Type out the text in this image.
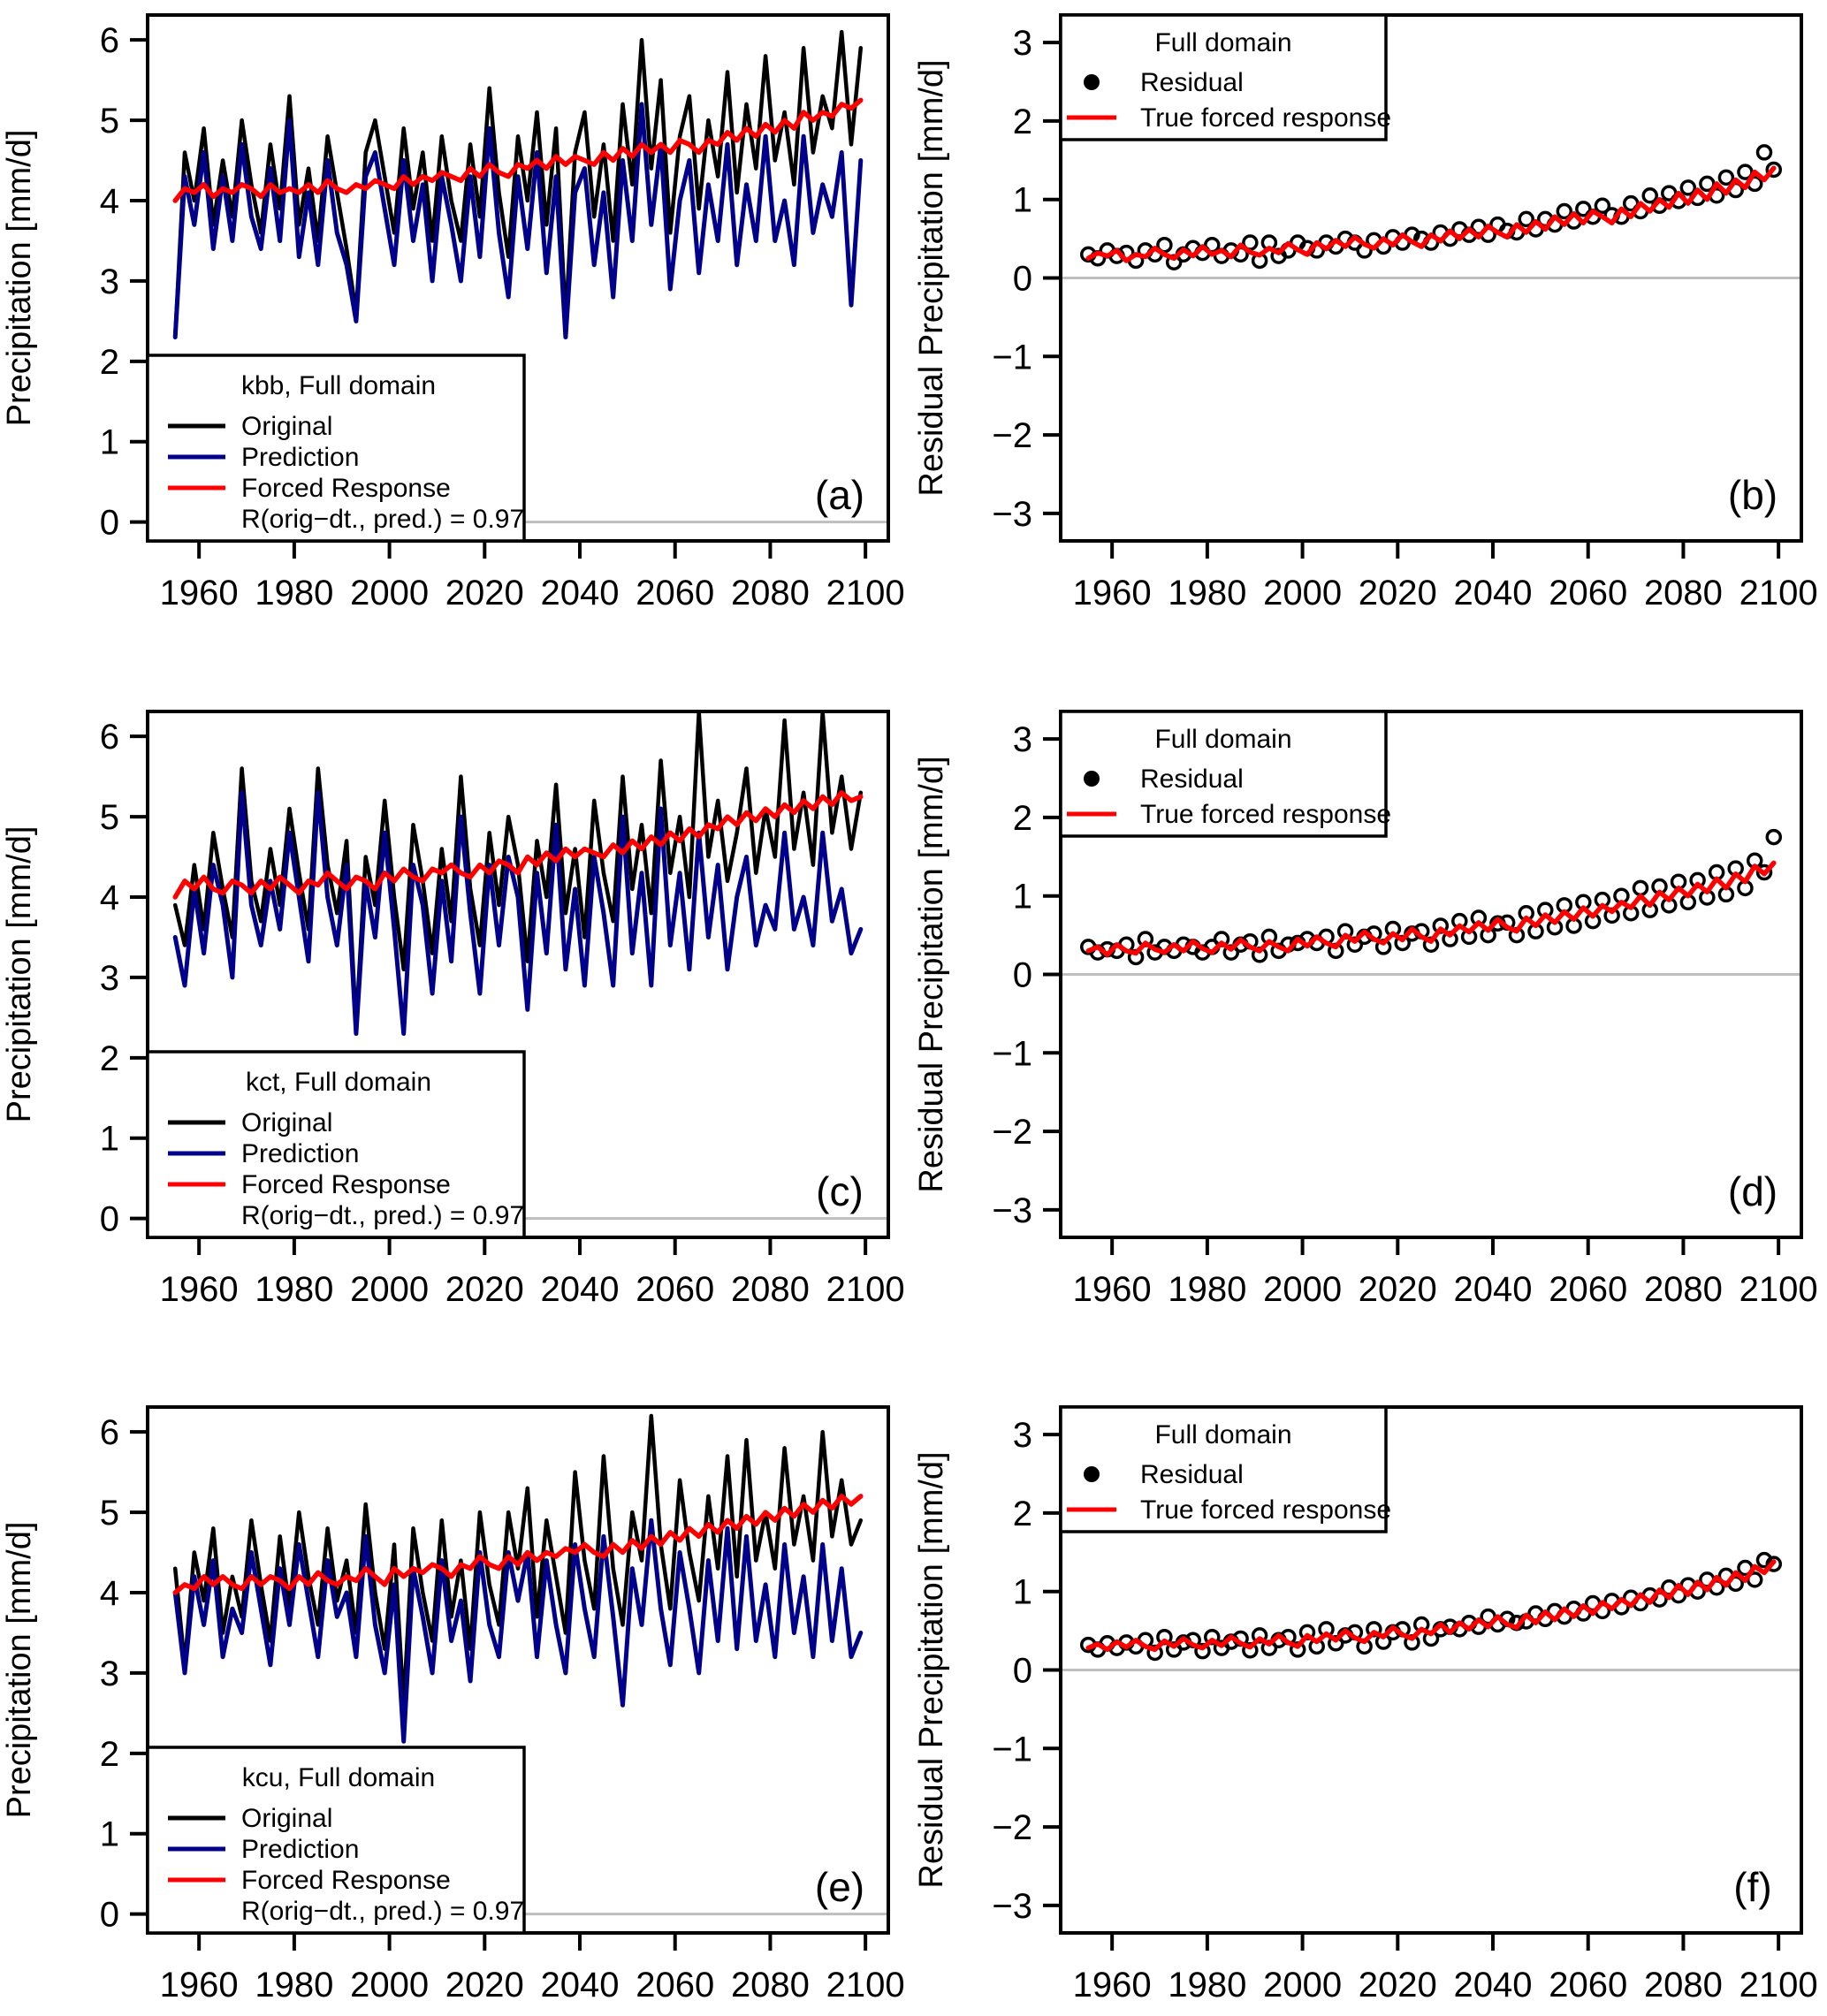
1960 1980 2000 2020 2040 2060 2080 2100
0
1
2
3
4
5
6
Precipitation [mm/d]	kbb, Full domain
Original
Prediction
Forced Response
R(orig−dt., pred.) = 0.97
(a)
1960 1980 2000 2020 2040 2060 2080 2100
−3
−2
−1
0
1
2
3
Residual Precipitation [mm/d]
Full domain
Residual
True forced response
(b)
1960 1980 2000 2020 2040 2060 2080 2100
0
1
2
3
4
5
6
Precipitation [mm/d]	kct, Full domain
Original
Prediction
Forced Response
R(orig−dt., pred.) = 0.97
(c)
1960 1980 2000 2020 2040 2060 2080 2100
−3
−2
−1
0
1
2
3
Residual Precipitation [mm/d]
Full domain
Residual
True forced response
(d)
1960 1980 2000 2020 2040 2060 2080 2100
0
1
2
3
4
5
6
Precipitation [mm/d]	kcu, Full domain
Original
Prediction
Forced Response
R(orig−dt., pred.) = 0.97
(e)
1960 1980 2000 2020 2040 2060 2080 2100
−3
−2
−1
0
1
2
3
Residual Precipitation [mm/d]
Full domain
Residual
True forced response
(f)
